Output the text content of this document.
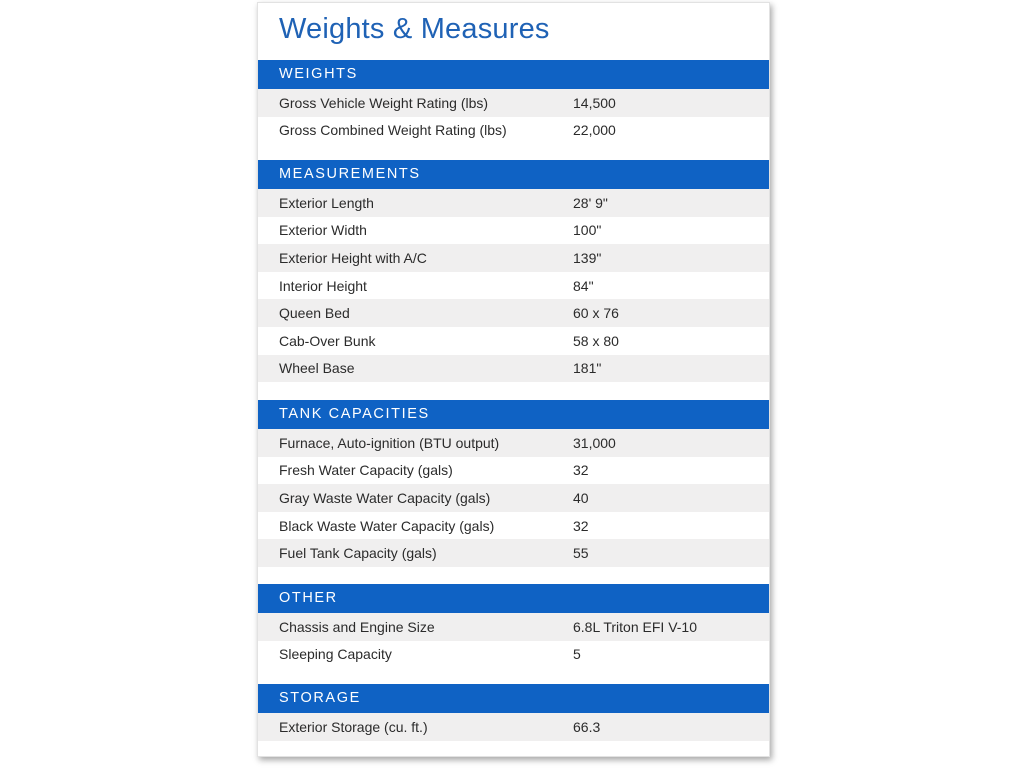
Weights & Measures
WEIGHTS
Gross Vehicle Weight Rating (lbs)	14,500
Gross Combined Weight Rating (lbs)	22,000
MEASUREMENTS
Exterior Length	28' 9"
Exterior Width	100"
Exterior Height with A/C	139"
Interior Height	84"
Queen Bed	60 x 76
Cab-Over Bunk	58 x 80
Wheel Base	181"
TANK CAPACITIES
Furnace, Auto-ignition (BTU output)	31,000
Fresh Water Capacity (gals)	32
Gray Waste Water Capacity (gals)	40
Black Waste Water Capacity (gals)	32
Fuel Tank Capacity (gals)	55
OTHER
Chassis and Engine Size	6.8L Triton EFI V-10
Sleeping Capacity	5
STORAGE
Exterior Storage (cu. ft.)	66.3
